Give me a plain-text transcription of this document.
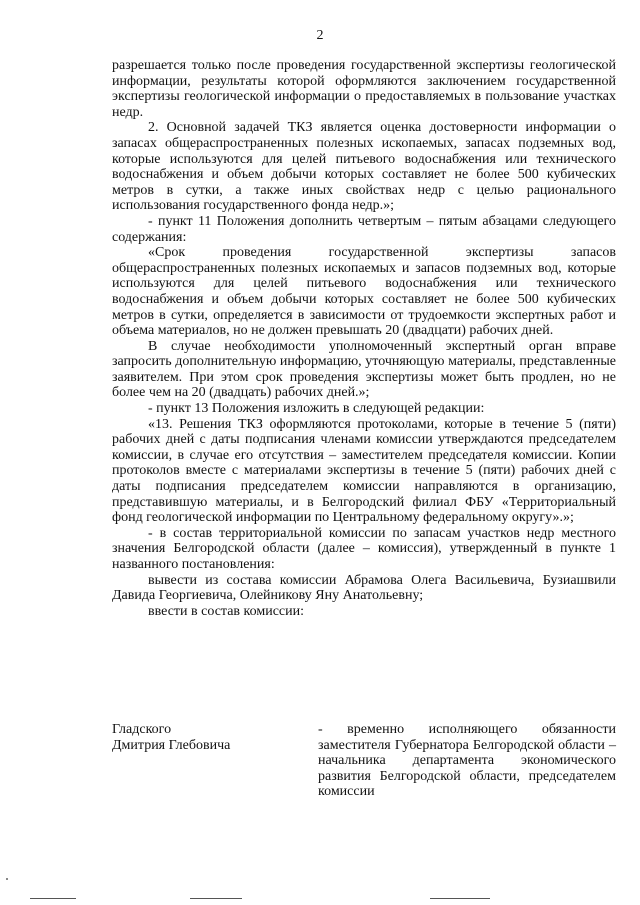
2

разрешается только после проведения государственной экспертизы геологической информации, результаты которой оформляются заключением государственной экспертизы геологической информации о предоставляемых в пользование участках недр.

2. Основной задачей ТКЗ является оценка достоверности информации о запасах общераспространенных полезных ископаемых, запасах подземных вод, которые используются для целей питьевого водоснабжения или технического водоснабжения и объем добычи которых составляет не более 500 кубических метров в сутки, а также иных свойствах недр с целью рационального использования государственного фонда недр.»;

- пункт 11 Положения дополнить четвертым – пятым абзацами следующего содержания:

«Срок проведения государственной экспертизы запасов общераспространенных полезных ископаемых и запасов подземных вод, которые используются для целей питьевого водоснабжения или технического водоснабжения и объем добычи которых составляет не более 500 кубических метров в сутки, определяется в зависимости от трудоемкости экспертных работ и объема материалов, но не должен превышать 20 (двадцати) рабочих дней.

В случае необходимости уполномоченный экспертный орган вправе запросить дополнительную информацию, уточняющую материалы, представленные заявителем. При этом срок проведения экспертизы может быть продлен, но не более чем на 20 (двадцать) рабочих дней.»;

- пункт 13 Положения изложить в следующей редакции:

«13. Решения ТКЗ оформляются протоколами, которые в течение 5 (пяти) рабочих дней с даты подписания членами комиссии утверждаются председателем комиссии, в случае его отсутствия – заместителем председателя комиссии. Копии протоколов вместе с материалами экспертизы в течение 5 (пяти) рабочих дней с даты подписания председателем комиссии направляются в организацию, представившую материалы, и в Белгородский филиал ФБУ «Территориальный фонд геологической информации по Центральному федеральному округу».»;

- в состав территориальной комиссии по запасам участков недр местного значения Белгородской области (далее – комиссия), утвержденный в пункте 1 названного постановления:

вывести из состава комиссии Абрамова Олега Васильевича, Бузиашвили Давида Георгиевича, Олейникову Яну Анатольевну;

ввести в состав комиссии:

Гладского
Дмитрия Глебовича
- временно исполняющего обязанности заместителя Губернатора Белгородской области – начальника департамента экономического развития Белгородской области, председателем комиссии
